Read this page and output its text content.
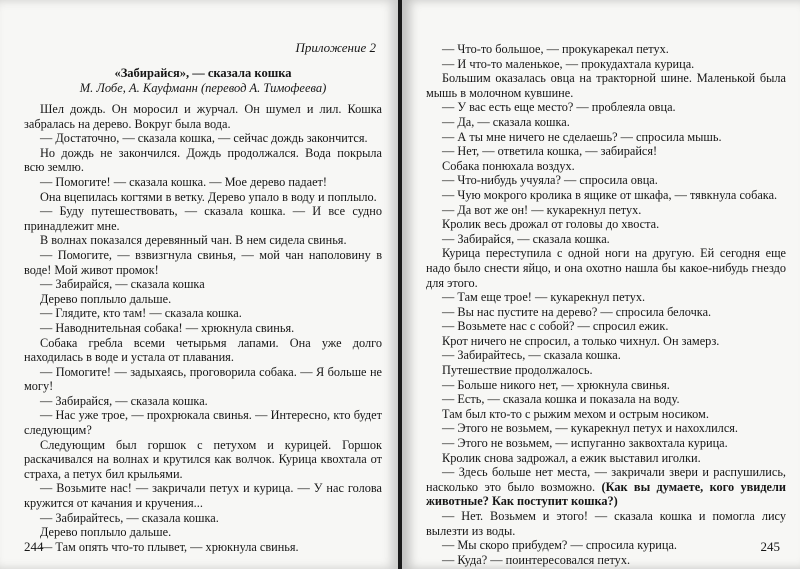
Приложение 2
«Забирайся», — сказала кошка
М. Лобе, А. Кауфманн (перевод А. Тимофеева)

Шел дождь. Он моросил и журчал. Он шумел и лил. Кошка забралась на дерево. Вокруг была вода.

— Достаточно, — сказала кошка, — сейчас дождь закончится.

Но дождь не закончился. Дождь продолжался. Вода покрыла всю землю.

— Помогите! — сказала кошка. — Мое дерево падает!

Она вцепилась когтями в ветку. Дерево упало в воду и поплыло.

— Буду путешествовать, — сказала кошка. — И все судно принадлежит мне.

В волнах показался деревянный чан. В нем сидела свинья.

— Помогите, — взвизгнула свинья, — мой чан наполовину в воде! Мой живот промок!

— Забирайся, — сказала кошка

Дерево поплыло дальше.

— Глядите, кто там! — сказала кошка.

— Наводнительная собака! — хрюкнула свинья.

Собака гребла всеми четырьмя лапами. Она уже долго находилась в воде и устала от плавания.

— Помогите! — задыхаясь, проговорила собака. — Я больше не могу!

— Забирайся, — сказала кошка.

— Нас уже трое, — прохрюкала свинья. — Интересно, кто будет следующим?

Следующим был горшок с петухом и курицей. Горшок раскачивался на волнах и крутился как волчок. Курица квохтала от страха, а петух бил крыльями.

— Возьмите нас! — закричали петух и курица. — У нас голова кружится от качания и кручения...

— Забирайтесь, — сказала кошка.

Дерево поплыло дальше.

— Там опять что-то плывет, — хрюкнула свинья.

244

— Что-то большое, — прокукарекал петух.

— И что-то маленькое, — прокудахтала курица.

Большим оказалась овца на тракторной шине. Маленькой была мышь в молочном кувшине.

— У вас есть еще место? — проблеяла овца.

— Да, — сказала кошка.

— А ты мне ничего не сделаешь? — спросила мышь.

— Нет, — ответила кошка, — забирайся!

Собака понюхала воздух.

— Что-нибудь учуяла? — спросила овца.

— Чую мокрого кролика в ящике от шкафа, — тявкнула собака.

— Да вот же он! — кукарекнул петух.

Кролик весь дрожал от головы до хвоста.

— Забирайся, — сказала кошка.

Курица переступила с одной ноги на другую. Ей сегодня еще надо было снести яйцо, и она охотно нашла бы какое-нибудь гнездо для этого.

— Там еще трое! — кукарекнул петух.

— Вы нас пустите на дерево? — спросила белочка.

— Возьмете нас с собой? — спросил ежик.

Крот ничего не спросил, а только чихнул. Он замерз.

— Забирайтесь, — сказала кошка.

Путешествие продолжалось.

— Больше никого нет, — хрюкнула свинья.

— Есть, — сказала кошка и показала на воду.

Там был кто-то с рыжим мехом и острым носиком.

— Этого не возьмем, — кукарекнул петух и нахохлился.

— Этого не возьмем, — испуганно заквохтала курица.

Кролик снова задрожал, а ежик выставил иголки.

— Здесь больше нет места, — закричали звери и распушились, насколько это было возможно. (Как вы думаете, кого увидели животные? Как поступит кошка?)

— Нет. Возьмем и этого! — сказала кошка и помогла лису вылезти из воды.

— Мы скоро прибудем? — спросила курица.

— Куда? — поинтересовался петух.

245
